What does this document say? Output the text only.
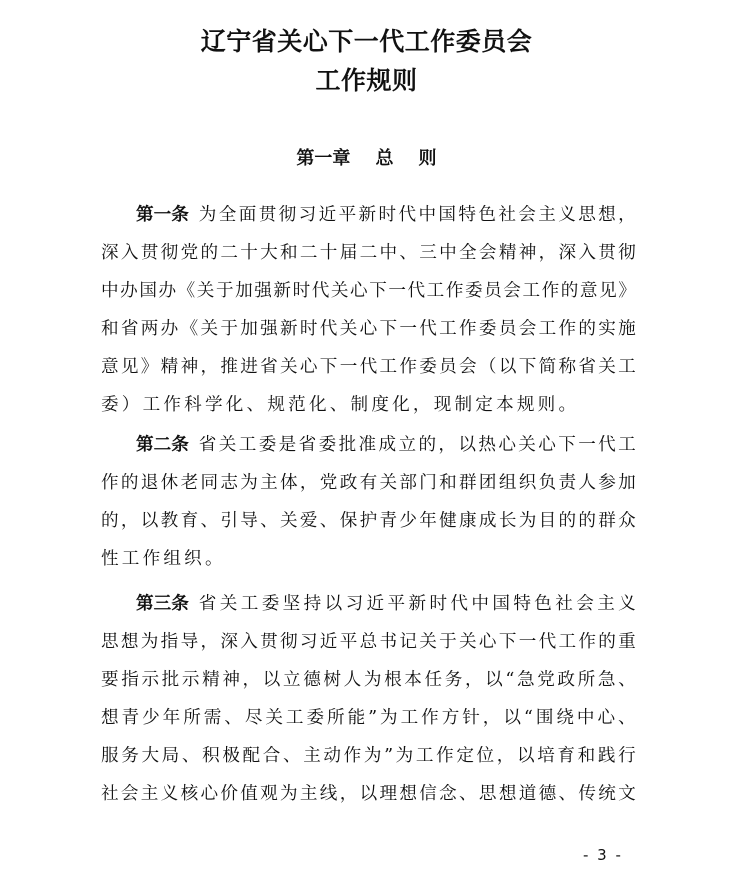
辽宁省关心下一代工作委员会
工作规则
第一章    总    则
第一条 为 全 面 贯 彻 习 近 平 新 时 代 中 国 特 色 社 会 主 义 思 想 ，
深 入 贯 彻 党 的 二 十 大 和 二 十 届 二 中 、 三 中 全 会 精 神 ， 深 入 贯 彻
中 办 国 办 《 关 于 加 强 新 时 代 关 心 下 一 代 工 作 委 员 会 工 作 的 意 见 》
和 省 两 办 《 关 于 加 强 新 时 代 关 心 下 一 代 工 作 委 员 会 工 作 的 实 施
意 见 》 精 神 ， 推 进 省 关 心 下 一 代 工 作 委 员 会 （ 以 下 简 称 省 关 工
委）工作科学化、规范化、制度化，现制定本规则。
第二条 省 关 工 委 是 省 委 批 准 成 立 的 ， 以 热 心 关 心 下 一 代 工
作 的 退 休 老 同 志 为 主 体 ， 党 政 有 关 部 门 和 群 团 组 织 负 责 人 参 加
的 ， 以 教 育 、 引 导 、 关 爱 、 保 护 青 少 年 健 康 成 长 为 目 的 的 群 众
性工作组织。
第三条 省 关 工 委 坚 持 以 习 近 平 新 时 代 中 国 特 色 社 会 主 义
思 想 为 指 导 ， 深 入 贯 彻 习 近 平 总 书 记 关 于 关 心 下 一 代 工 作 的 重
要 指 示 批 示 精 神 ， 以 立 德 树 人 为 根 本 任 务 ， 以 “ 急 党 政 所 急 、
想 青 少 年 所 需 、 尽 关 工 委 所 能 ” 为 工 作 方 针 ， 以 “ 围 绕 中 心 、
服 务 大 局 、 积 极 配 合 、 主 动 作 为 ” 为 工 作 定 位 ， 以 培 育 和 践 行
社 会 主 义 核 心 价 值 观 为 主 线 ， 以 理 想 信 念 、 思 想 道 德 、 传 统 文
- 3 -
